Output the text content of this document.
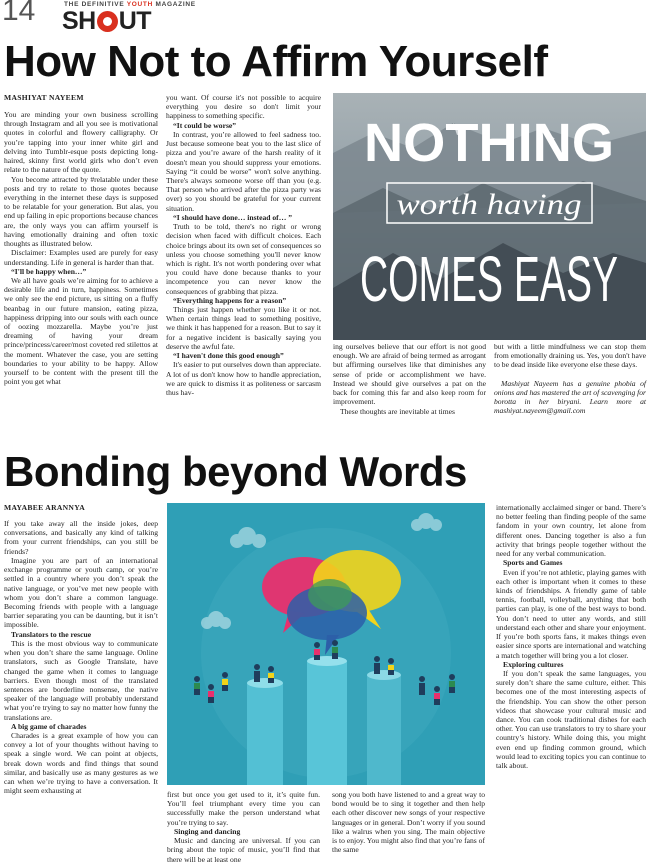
14	THE DEFINITIVE YOUTH MAGAZINE
SH UT
How Not to Affirm Yourself
MASHIYAT NAYEEM
You are minding your own business scrolling through Instagram and all you see is motivational quotes in colorful and flowery calligraphy. Or you’re tapping into your inner white girl and delving into Tumblr-esque posts depicting long-haired, skinny first world girls who don’t even relate to the nature of the quote.
You become attracted by #relatable under these posts and try to relate to those quotes because everything in the internet these days is supposed to be relatable for your generation. But alas, you end up failing in epic proportions because chances are, the only ways you can affirm yourself is having emotionally draining and often toxic thoughts as illustrated below.
Disclaimer: Examples used are purely for easy understanding. Life in general is harder than that.
“I'll be happy when…”
We all have goals we’re aiming for to achieve a desirable life and in turn, happiness. Sometimes we only see the end picture, us sitting on a fluffy beanbag in our future mansion, eating pizza, happiness dripping into our souls with each ounce of oozing mozzarella. Maybe you’re just dreaming of having your dream prince/princess/career/most coveted red stilettos at the moment. Whatever the case, you are setting boundaries to your ability to be happy. Allow yourself to be content with the present till the point you get what
you want. Of course it's not possible to acquire everything you desire so don't limit your happiness to something specific.
“It could be worse”
In contrast, you’re allowed to feel sadness too. Just because someone beat you to the last slice of pizza and you’re aware of the harsh reality of it doesn't mean you should suppress your emotions. Saying “it could be worse” won't solve anything. There's always someone worse off than you (e.g. That person who arrived after the pizza party was over) so you should be grateful for your current situation.
“I should have done… instead of… ”
Truth to be told, there's no right or wrong decision when faced with difficult choices. Each choice brings about its own set of consequences so unless you choose something you'll never know which is right. It's not worth pondering over what you could have done because thanks to your incompetence you can never know the consequences of grabbing that pizza.
“Everything happens for a reason”
Things just happen whether you like it or not. When certain things lead to something positive, we think it has happened for a reason. But to say it for a negative incident is basically saying you deserve the awful fate.
“I haven't done this good enough”
It's easier to put ourselves down than appreciate. A lot of us don't know how to handle appreciation, we are quick to dismiss it as politeness or sarcasm thus hav-
NOTHING
worth having
COMES EASY
ing ourselves believe that our effort is not good enough. We are afraid of being termed as arrogant but affirming ourselves like that diminishes any sense of pride or accomplishment we have. Instead we should give ourselves a pat on the back for coming this far and also keep room for improvement.
These thoughts are inevitable at times
but with a little mindfulness we can stop them from emotionally draining us. Yes, you don't have to be dead inside like everyone else these days.
Mashiyat Nayeem has a genuine phobia of onions and has mastered the art of scavenging for borotta in her biryani. Learn more at mashiyat.nayeem@gmail.com
Bonding beyond Words
MAYABEE ARANNYA
If you take away all the inside jokes, deep conversations, and basically any kind of talking from your current friendships, can you still be friends?
Imagine you are part of an international exchange programme or youth camp, or you’re settled in a country where you don’t speak the native language, or you’ve met new people with whom you don’t share a common language. Becoming friends with people with a language barrier separating you can be daunting, but it isn’t impossible.
Translators to the rescue
This is the most obvious way to communicate when you don’t share the same language. Online translators, such as Google Translate, have changed the game when it comes to language barriers. Even though most of the translated sentences are borderline nonsense, the native speaker of the language will probably understand what you’re trying to say no matter how funny the translations are.
A big game of charades
Charades is a great example of how you can convey a lot of your thoughts without having to speak a single word. We can point at objects, break down words and find things that sound similar, and basically use as many gestures as we can when we’re trying to have a conversation. It might seem exhausting at	first but once you get used to it, it’s quite fun. You’ll feel triumphant every time you can successfully make the person understand what you’re trying to say.
Singing and dancing
Music and dancing are universal. If you can bring about the topic of music, you’ll find that there will be at least one
song you both have listened to and a great way to bond would be to sing it together and then help each other discover new songs of your respective languages or in general. Don’t worry if you sound like a walrus when you sing. The main objective is to enjoy. You might also find that you’re fans of the same
internationally acclaimed singer or band. There’s no better feeling than finding people of the same fandom in your own country, let alone from different ones. Dancing together is also a fun activity that brings people together without the need for any verbal communication.
Sports and Games
Even if you’re not athletic, playing games with each other is important when it comes to these kinds of friendships. A friendly game of table tennis, football, volleyball, anything that both parties can play, is one of the best ways to bond. You don’t need to utter any words, and still understand each other and share your enjoyment. If you’re both sports fans, it makes things even easier since sports are international and watching a match together will bring you a lot closer.
Exploring cultures
If you don’t speak the same languages, you surely don’t share the same culture, either. This becomes one of the most interesting aspects of the friendship. You can show the other person videos that showcase your cultural music and dance. You can cook traditional dishes for each other. You can use translators to try to share your country’s history. While doing this, you might even end up finding common ground, which would lead to exciting topics you can continue to talk about.
